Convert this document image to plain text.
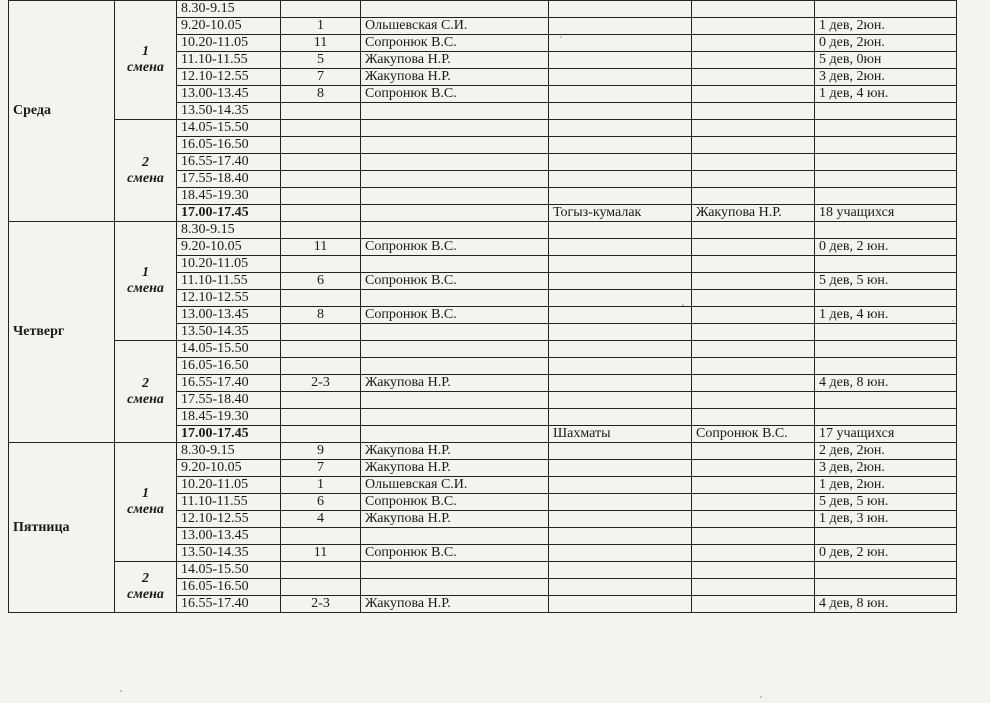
Среда	1
смена	8.30-9.15					
		9.20-10.05	1	Ольшевская С.И.			1 дев, 2юн.
		10.20-11.05	11	Сопронюк В.С.			0 дев, 2юн.
		11.10-11.55	5	Жакупова Н.Р.			5 дев, 0юн
		12.10-12.55	7	Жакупова Н.Р.			3 дев, 2юн.
		13.00-13.45	8	Сопронюк В.С.			1 дев, 4 юн.
		13.50-14.35					

	2
смена	14.05-15.50					
		16.05-16.50					
		16.55-17.40					
		17.55-18.40					
		18.45-19.30					
		17.00-17.45			Тогыз-кумалак	Жакупова Н.Р.	18 учащихся
Четверг	1
смена	8.30-9.15					
		9.20-10.05	11	Сопронюк В.С.			0 дев, 2 юн.
		10.20-11.05					
		11.10-11.55	6	Сопронюк В.С.			5 дев, 5 юн.
		12.10-12.55					
		13.00-13.45	8	Сопронюк В.С.			1 дев, 4 юн.
		13.50-14.35					

	2
смена	14.05-15.50					
		16.05-16.50					
		16.55-17.40	2-3	Жакупова Н.Р.			4 дев, 8 юн.
		17.55-18.40					
		18.45-19.30					
		17.00-17.45			Шахматы	Сопронюк В.С.	17 учащихся
Пятница	1
смена	8.30-9.15	9	Жакупова Н.Р.			2 дев, 2юн.
		9.20-10.05	7	Жакупова Н.Р.			3 дев, 2юн.
		10.20-11.05	1	Ольшевская С.И.			1 дев, 2юн.
		11.10-11.55	6	Сопронюк В.С.			5 дев, 5 юн.
		12.10-12.55	4	Жакупова Н.Р.			1 дев, 3 юн.
		13.00-13.45					
		13.50-14.35	11	Сопронюк В.С.			0 дев, 2 юн.

	2
смена	14.05-15.50					
		16.05-16.50					
		16.55-17.40	2-3	Жакупова Н.Р.			4 дев, 8 юн.
